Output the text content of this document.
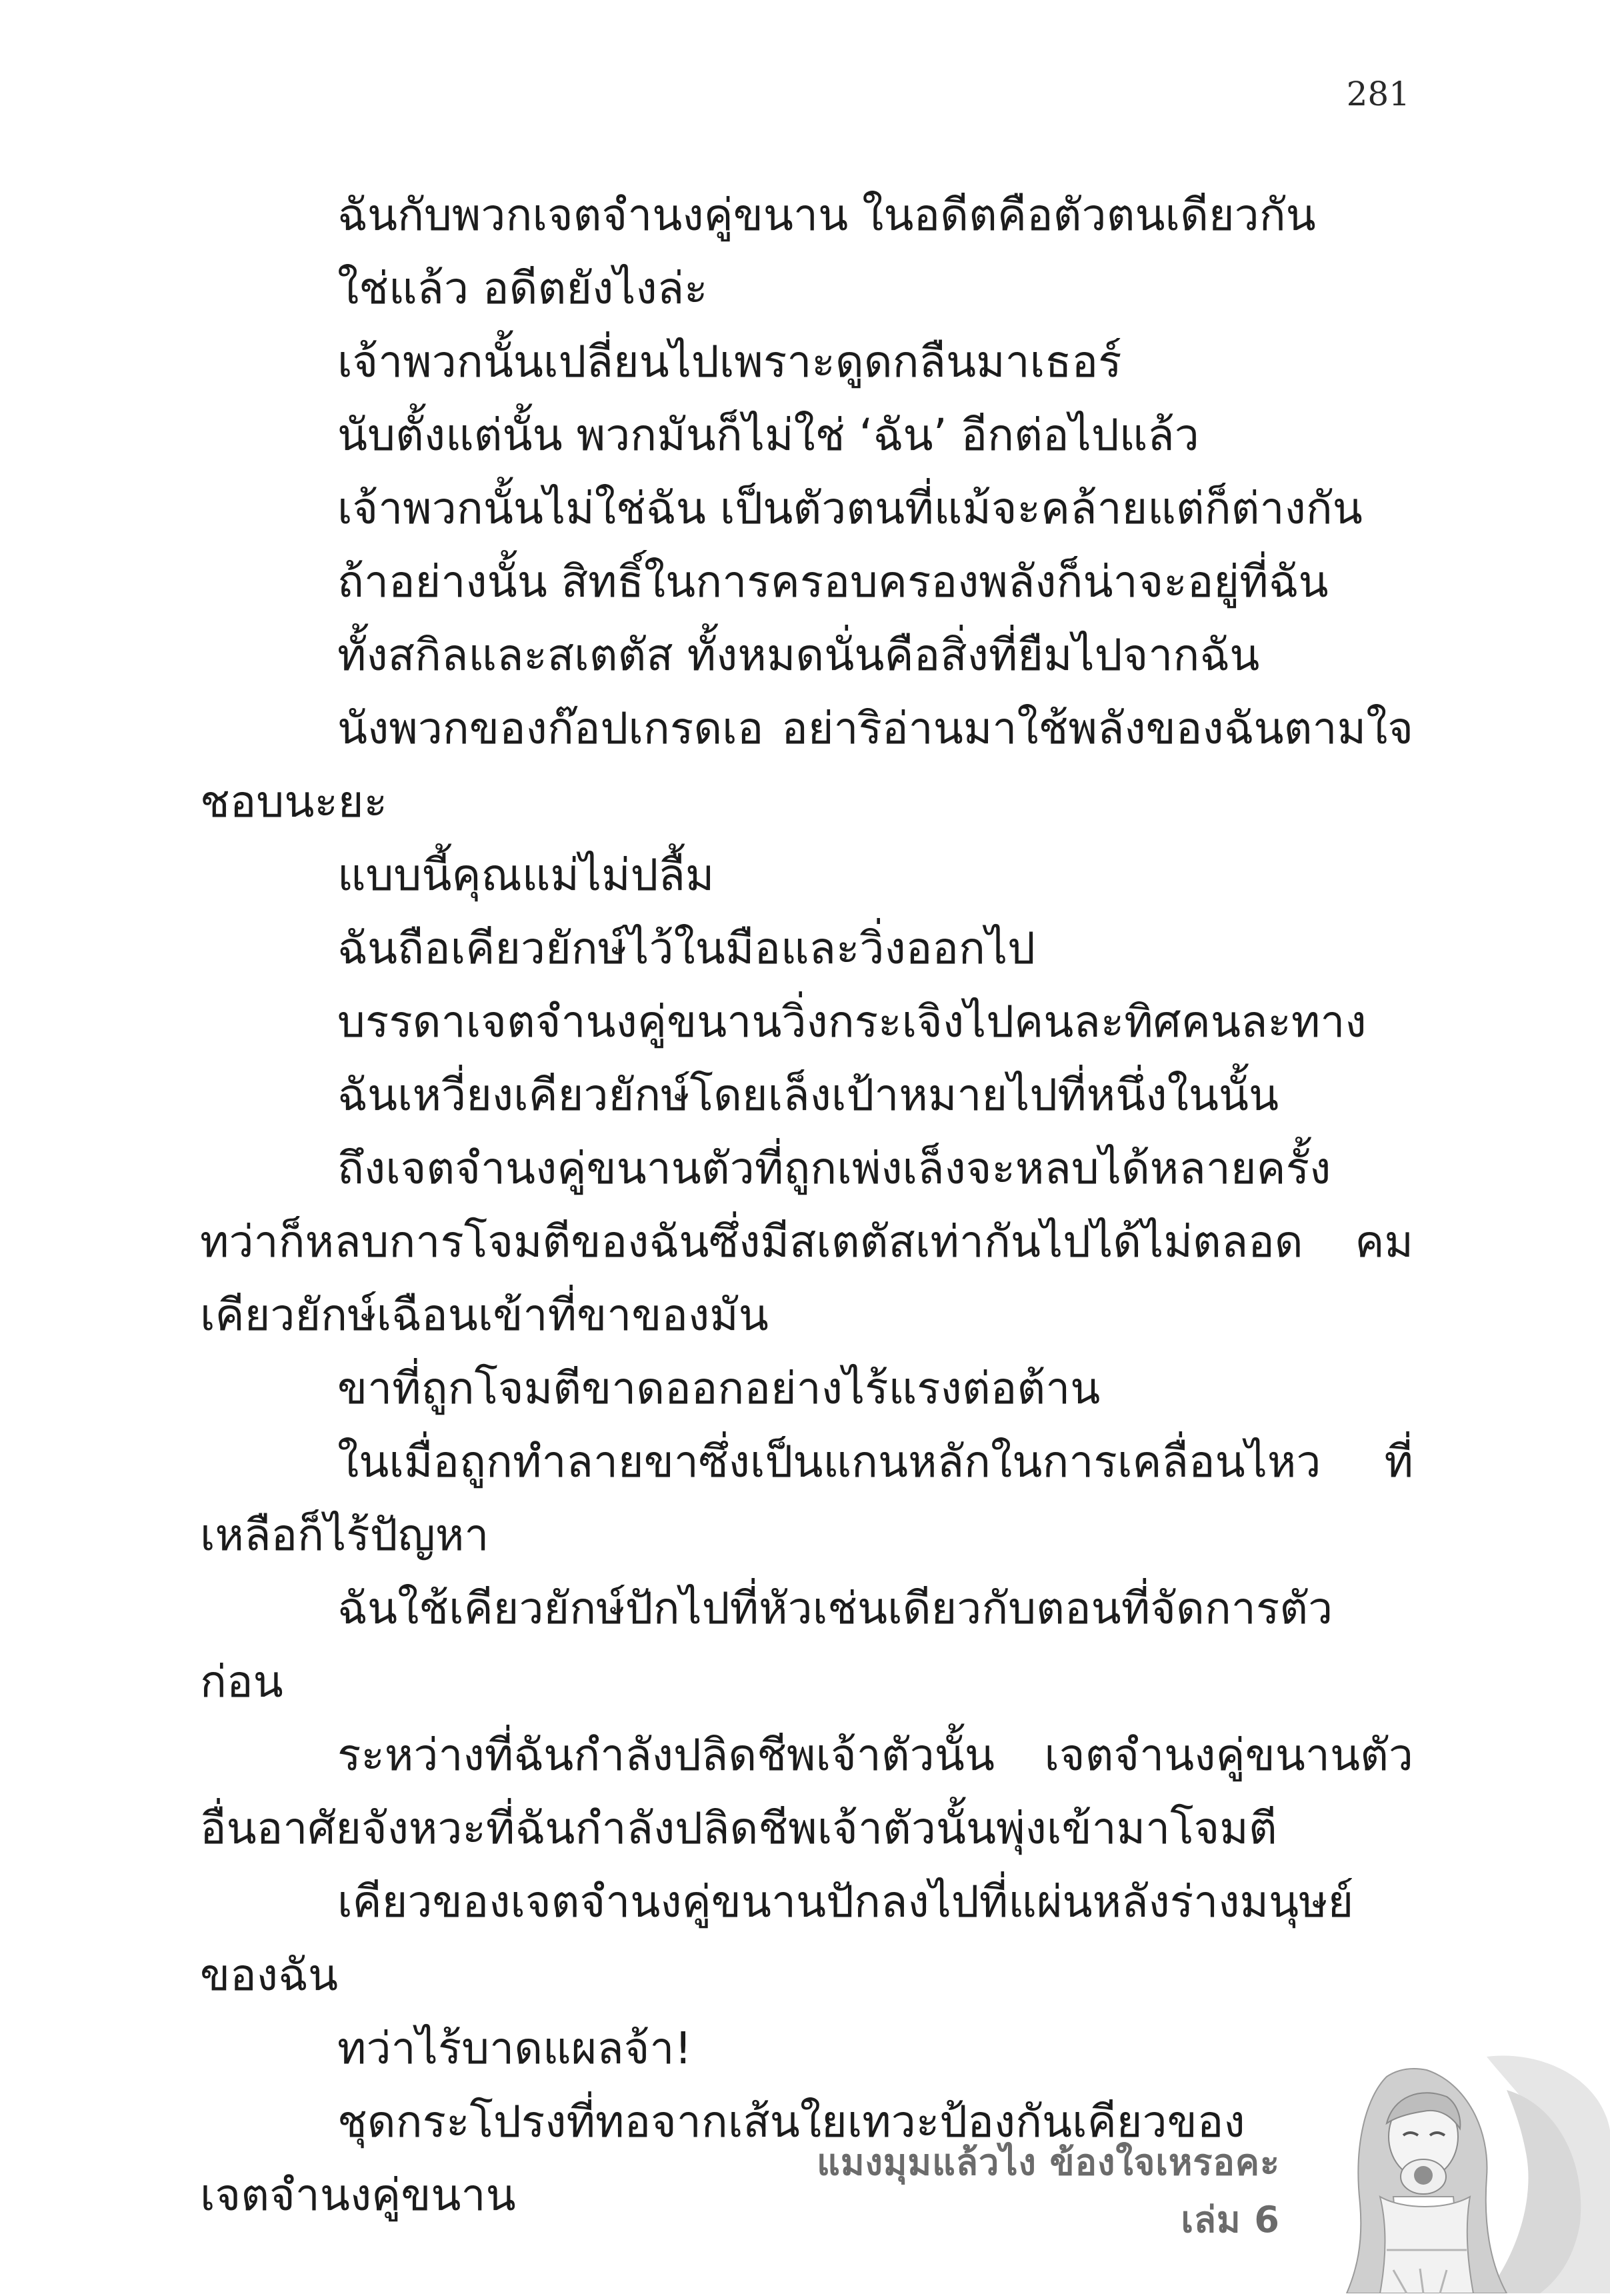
281

ฉันกับพวกเจตจำนงคู่ขนาน ในอดีตคือตัวตนเดียวกัน

ใช่แล้ว อดีตยังไงล่ะ

เจ้าพวกนั้นเปลี่ยนไปเพราะดูดกลืนมาเธอร์

นับตั้งแต่นั้น พวกมันก็ไม่ใช่ ‘ฉัน’ อีกต่อไปแล้ว

เจ้าพวกนั้นไม่ใช่ฉัน เป็นตัวตนที่แม้จะคล้ายแต่ก็ต่างกัน

ถ้าอย่างนั้น สิทธิ์ในการครอบครองพลังก็น่าจะอยู่ที่ฉัน

ทั้งสกิลและสเตตัส ทั้งหมดนั่นคือสิ่งที่ยืมไปจากฉัน

นังพวกของก๊อปเกรดเอ อย่าริอ่านมาใช้พลังของฉันตามใจชอบนะยะ

แบบนี้คุณแม่ไม่ปลื้ม

ฉันถือเคียวยักษ์ไว้ในมือและวิ่งออกไป

บรรดาเจตจำนงคู่ขนานวิ่งกระเจิงไปคนละทิศคนละทาง

ฉันเหวี่ยงเคียวยักษ์โดยเล็งเป้าหมายไปที่หนึ่งในนั้น

ถึงเจตจำนงคู่ขนานตัวที่ถูกเพ่งเล็งจะหลบได้หลายครั้ง ทว่าก็หลบการโจมตีของฉันซึ่งมีสเตตัสเท่ากันไปได้ไม่ตลอด คมเคียวยักษ์เฉือนเข้าที่ขาของมัน

ขาที่ถูกโจมตีขาดออกอย่างไร้แรงต่อต้าน

ในเมื่อถูกทำลายขาซึ่งเป็นแกนหลักในการเคลื่อนไหว ที่เหลือก็ไร้ปัญหา

ฉันใช้เคียวยักษ์ปักไปที่หัวเช่นเดียวกับตอนที่จัดการตัวก่อน

ระหว่างที่ฉันกำลังปลิดชีพเจ้าตัวนั้น เจตจำนงคู่ขนานตัวอื่นอาศัยจังหวะที่ฉันกำลังปลิดชีพเจ้าตัวนั้นพุ่งเข้ามาโจมตี

เคียวของเจตจำนงคู่ขนานปักลงไปที่แผ่นหลังร่างมนุษย์ของฉัน

ทว่าไร้บาดแผลจ้า!

ชุดกระโปรงที่ทอจากเส้นใยเทวะป้องกันเคียวของเจตจำนงคู่ขนาน

แมงมุมแล้วไง ข้องใจเหรอคะ เล่ม 6
